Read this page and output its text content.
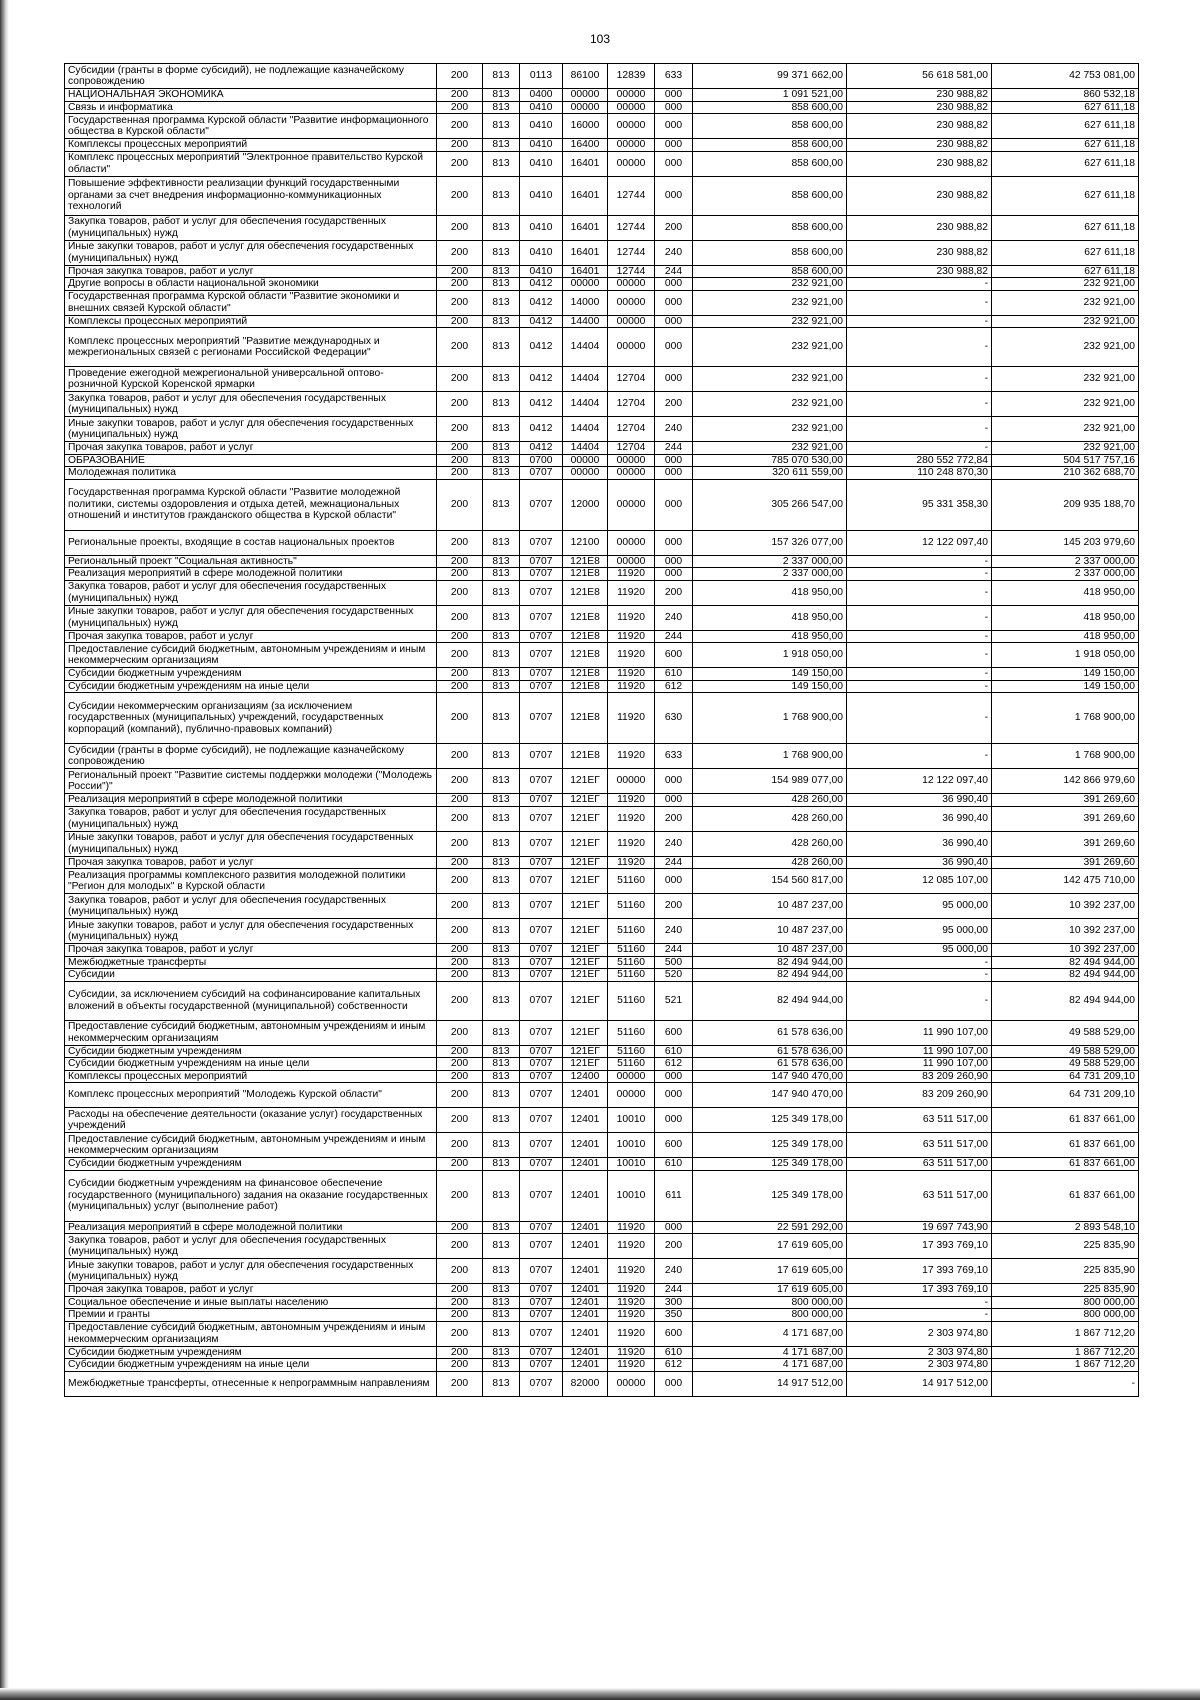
103
Субсидии (гранты в форме субсидий), не подлежащие казначейскому сопровождению	200	813	0113	86100	12839	633	99 371 662,00	56 618 581,00	42 753 081,00
НАЦИОНАЛЬНАЯ ЭКОНОМИКА	200	813	0400	00000	00000	000	1 091 521,00	230 988,82	860 532,18
Связь и информатика	200	813	0410	00000	00000	000	858 600,00	230 988,82	627 611,18
Государственная программа Курской области "Развитие информационного общества в Курской области"	200	813	0410	16000	00000	000	858 600,00	230 988,82	627 611,18
Комплексы процессных мероприятий	200	813	0410	16400	00000	000	858 600,00	230 988,82	627 611,18
Комплекс процессных мероприятий "Электронное правительство Курской области"	200	813	0410	16401	00000	000	858 600,00	230 988,82	627 611,18
Повышение эффективности реализации функций государственными органами за счет внедрения информационно-коммуникационных технологий	200	813	0410	16401	12744	000	858 600,00	230 988,82	627 611,18
Закупка товаров, работ и услуг для обеспечения государственных (муниципальных) нужд	200	813	0410	16401	12744	200	858 600,00	230 988,82	627 611,18
Иные закупки товаров, работ и услуг для обеспечения государственных (муниципальных) нужд	200	813	0410	16401	12744	240	858 600,00	230 988,82	627 611,18
Прочая закупка товаров, работ и услуг	200	813	0410	16401	12744	244	858 600,00	230 988,82	627 611,18
Другие вопросы в области национальной экономики	200	813	0412	00000	00000	000	232 921,00	-	232 921,00
Государственная программа Курской области "Развитие экономики и внешних связей Курской области"	200	813	0412	14000	00000	000	232 921,00	-	232 921,00
Комплексы процессных мероприятий	200	813	0412	14400	00000	000	232 921,00	-	232 921,00
Комплекс процессных мероприятий "Развитие международных и межрегиональных связей с регионами Российской Федерации"	200	813	0412	14404	00000	000	232 921,00	-	232 921,00
Проведение ежегодной межрегиональной универсальной оптово-розничной Курской Коренской ярмарки	200	813	0412	14404	12704	000	232 921,00	-	232 921,00
Закупка товаров, работ и услуг для обеспечения государственных (муниципальных) нужд	200	813	0412	14404	12704	200	232 921,00	-	232 921,00
Иные закупки товаров, работ и услуг для обеспечения государственных (муниципальных) нужд	200	813	0412	14404	12704	240	232 921,00	-	232 921,00
Прочая закупка товаров, работ и услуг	200	813	0412	14404	12704	244	232 921,00	-	232 921,00
ОБРАЗОВАНИЕ	200	813	0700	00000	00000	000	785 070 530,00	280 552 772,84	504 517 757,16
Молодежная политика	200	813	0707	00000	00000	000	320 611 559,00	110 248 870,30	210 362 688,70
Государственная программа Курской области "Развитие молодежной политики, системы оздоровления и отдыха детей, межнациональных отношений и институтов гражданского общества в Курской области"	200	813	0707	12000	00000	000	305 266 547,00	95 331 358,30	209 935 188,70
Региональные проекты, входящие в состав национальных проектов	200	813	0707	12100	00000	000	157 326 077,00	12 122 097,40	145 203 979,60
Региональный проект "Социальная активность"	200	813	0707	121E8	00000	000	2 337 000,00	-	2 337 000,00
Реализация мероприятий в сфере молодежной политики	200	813	0707	121E8	11920	000	2 337 000,00	-	2 337 000,00
Закупка товаров, работ и услуг для обеспечения государственных (муниципальных) нужд	200	813	0707	121E8	11920	200	418 950,00	-	418 950,00
Иные закупки товаров, работ и услуг для обеспечения государственных (муниципальных) нужд	200	813	0707	121E8	11920	240	418 950,00	-	418 950,00
Прочая закупка товаров, работ и услуг	200	813	0707	121E8	11920	244	418 950,00	-	418 950,00
Предоставление субсидий бюджетным, автономным учреждениям и иным некоммерческим организациям	200	813	0707	121E8	11920	600	1 918 050,00	-	1 918 050,00
Субсидии бюджетным учреждениям	200	813	0707	121E8	11920	610	149 150,00	-	149 150,00
Субсидии бюджетным учреждениям на иные цели	200	813	0707	121E8	11920	612	149 150,00	-	149 150,00
Субсидии некоммерческим организациям (за исключением государственных (муниципальных) учреждений, государственных корпораций (компаний), публично-правовых компаний)	200	813	0707	121E8	11920	630	1 768 900,00	-	1 768 900,00
Субсидии (гранты в форме субсидий), не подлежащие казначейскому сопровождению	200	813	0707	121E8	11920	633	1 768 900,00	-	1 768 900,00
Региональный проект "Развитие системы поддержки молодежи ("Молодежь России")"	200	813	0707	121EГ	00000	000	154 989 077,00	12 122 097,40	142 866 979,60
Реализация мероприятий в сфере молодежной политики	200	813	0707	121EГ	11920	000	428 260,00	36 990,40	391 269,60
Закупка товаров, работ и услуг для обеспечения государственных (муниципальных) нужд	200	813	0707	121EГ	11920	200	428 260,00	36 990,40	391 269,60
Иные закупки товаров, работ и услуг для обеспечения государственных (муниципальных) нужд	200	813	0707	121EГ	11920	240	428 260,00	36 990,40	391 269,60
Прочая закупка товаров, работ и услуг	200	813	0707	121EГ	11920	244	428 260,00	36 990,40	391 269,60
Реализация программы комплексного развития молодежной политики "Регион для молодых" в Курской области	200	813	0707	121EГ	51160	000	154 560 817,00	12 085 107,00	142 475 710,00
Закупка товаров, работ и услуг для обеспечения государственных (муниципальных) нужд	200	813	0707	121EГ	51160	200	10 487 237,00	95 000,00	10 392 237,00
Иные закупки товаров, работ и услуг для обеспечения государственных (муниципальных) нужд	200	813	0707	121EГ	51160	240	10 487 237,00	95 000,00	10 392 237,00
Прочая закупка товаров, работ и услуг	200	813	0707	121EГ	51160	244	10 487 237,00	95 000,00	10 392 237,00
Межбюджетные трансферты	200	813	0707	121EГ	51160	500	82 494 944,00	-	82 494 944,00
Субсидии	200	813	0707	121EГ	51160	520	82 494 944,00	-	82 494 944,00
Субсидии, за исключением субсидий на софинансирование капитальных вложений в объекты государственной (муниципальной) собственности	200	813	0707	121EГ	51160	521	82 494 944,00	-	82 494 944,00
Предоставление субсидий бюджетным, автономным учреждениям и иным некоммерческим организациям	200	813	0707	121EГ	51160	600	61 578 636,00	11 990 107,00	49 588 529,00
Субсидии бюджетным учреждениям	200	813	0707	121EГ	51160	610	61 578 636,00	11 990 107,00	49 588 529,00
Субсидии бюджетным учреждениям на иные цели	200	813	0707	121EГ	51160	612	61 578 636,00	11 990 107,00	49 588 529,00
Комплексы процессных мероприятий	200	813	0707	12400	00000	000	147 940 470,00	83 209 260,90	64 731 209,10
Комплекс процессных мероприятий "Молодежь Курской области"	200	813	0707	12401	00000	000	147 940 470,00	83 209 260,90	64 731 209,10
Расходы на обеспечение деятельности (оказание услуг) государственных учреждений	200	813	0707	12401	10010	000	125 349 178,00	63 511 517,00	61 837 661,00
Предоставление субсидий бюджетным, автономным учреждениям и иным некоммерческим организациям	200	813	0707	12401	10010	600	125 349 178,00	63 511 517,00	61 837 661,00
Субсидии бюджетным учреждениям	200	813	0707	12401	10010	610	125 349 178,00	63 511 517,00	61 837 661,00
Субсидии бюджетным учреждениям на финансовое обеспечение государственного (муниципального) задания на оказание государственных (муниципальных) услуг (выполнение работ)	200	813	0707	12401	10010	611	125 349 178,00	63 511 517,00	61 837 661,00
Реализация мероприятий в сфере молодежной политики	200	813	0707	12401	11920	000	22 591 292,00	19 697 743,90	2 893 548,10
Закупка товаров, работ и услуг для обеспечения государственных (муниципальных) нужд	200	813	0707	12401	11920	200	17 619 605,00	17 393 769,10	225 835,90
Иные закупки товаров, работ и услуг для обеспечения государственных (муниципальных) нужд	200	813	0707	12401	11920	240	17 619 605,00	17 393 769,10	225 835,90
Прочая закупка товаров, работ и услуг	200	813	0707	12401	11920	244	17 619 605,00	17 393 769,10	225 835,90
Социальное обеспечение и иные выплаты населению	200	813	0707	12401	11920	300	800 000,00	-	800 000,00
Премии и гранты	200	813	0707	12401	11920	350	800 000,00	-	800 000,00
Предоставление субсидий бюджетным, автономным учреждениям и иным некоммерческим организациям	200	813	0707	12401	11920	600	4 171 687,00	2 303 974,80	1 867 712,20
Субсидии бюджетным учреждениям	200	813	0707	12401	11920	610	4 171 687,00	2 303 974,80	1 867 712,20
Субсидии бюджетным учреждениям на иные цели	200	813	0707	12401	11920	612	4 171 687,00	2 303 974,80	1 867 712,20
Межбюджетные трансферты, отнесенные к непрограммным направлениям	200	813	0707	82000	00000	000	14 917 512,00	14 917 512,00	-
